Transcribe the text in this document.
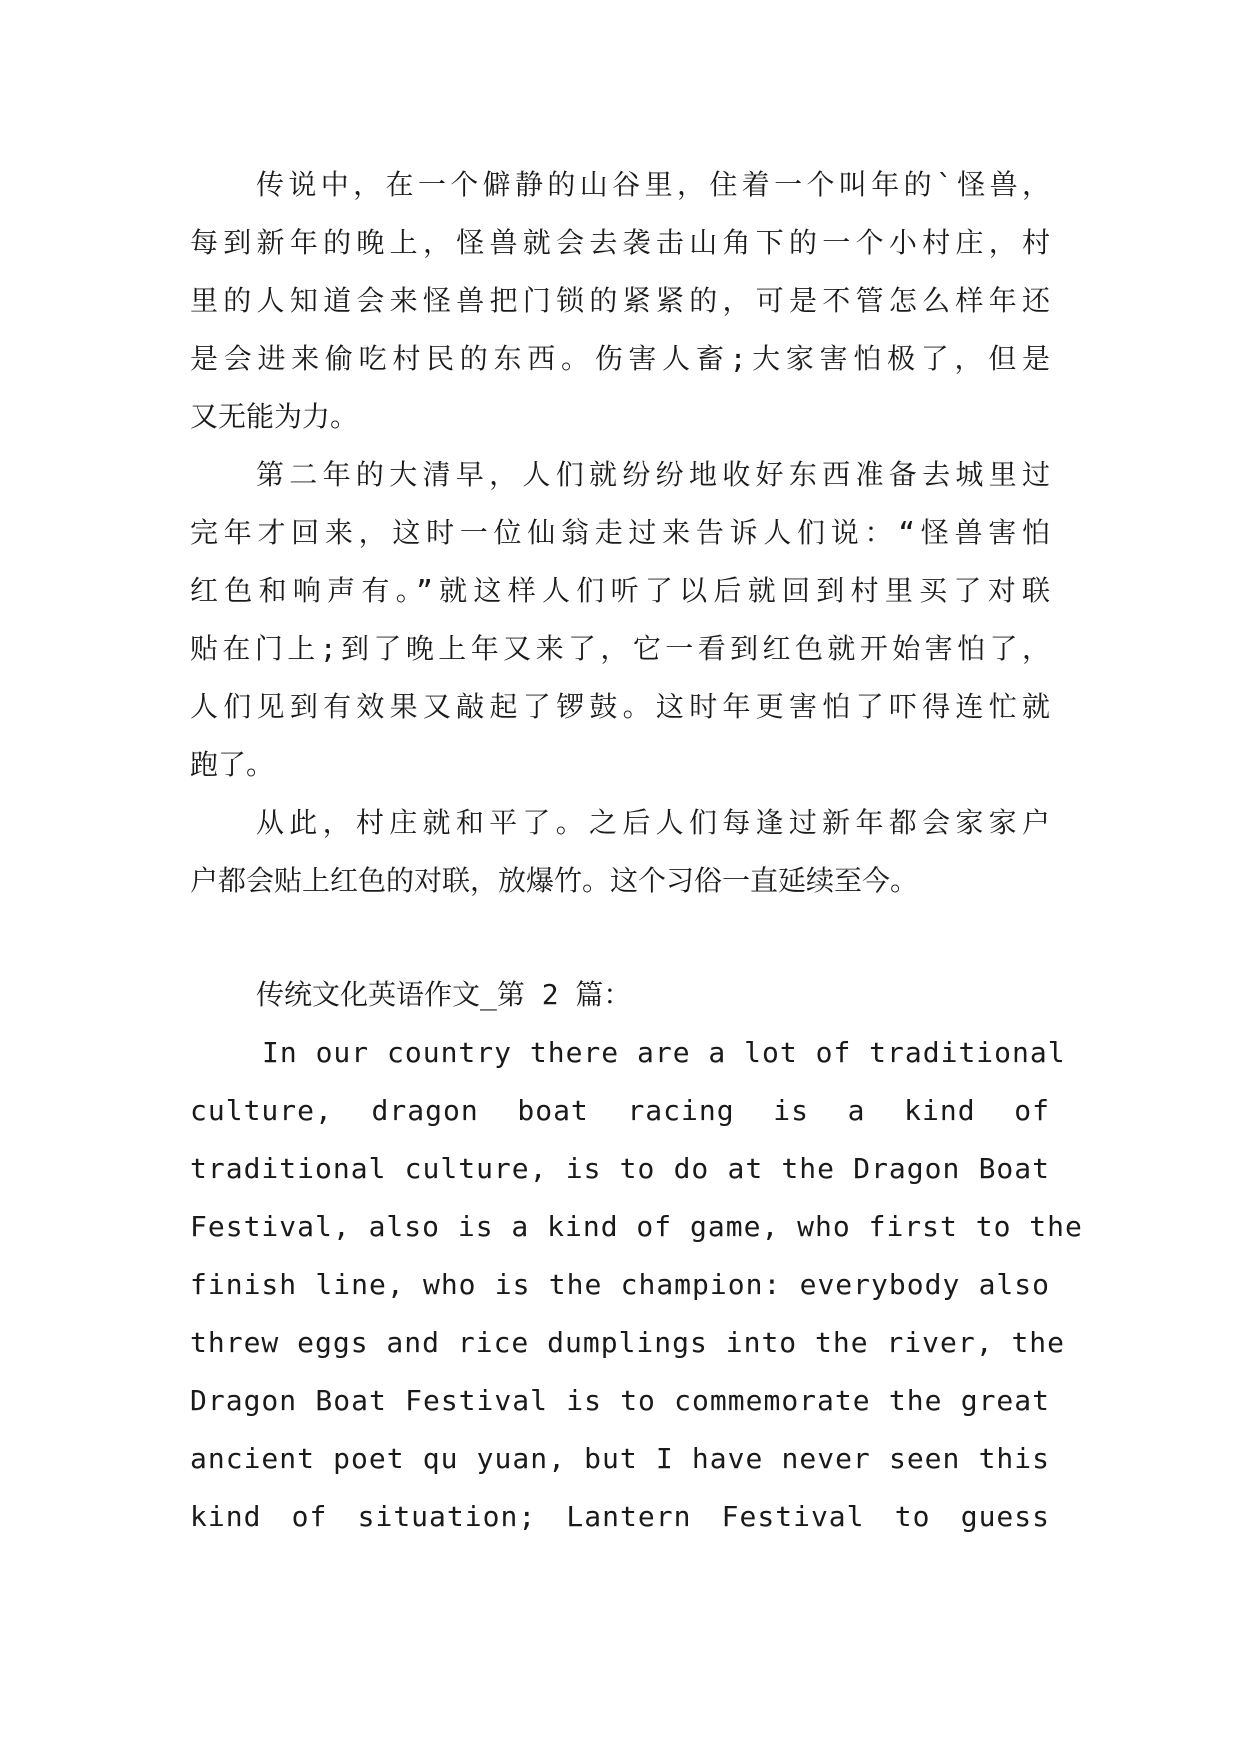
传说中，在一个僻静的山谷里，住着一个叫年的`怪兽，

每到新年的晚上，怪兽就会去袭击山角下的一个小村庄，村

里的人知道会来怪兽把门锁的紧紧的，可是不管怎么样年还

是会进来偷吃村民的东西。伤害人畜;大家害怕极了，但是

又无能为力。

第二年的大清早，人们就纷纷地收好东西准备去城里过

完年才回来，这时一位仙翁走过来告诉人们说：“怪兽害怕

红色和响声有。”就这样人们听了以后就回到村里买了对联

贴在门上;到了晚上年又来了，它一看到红色就开始害怕了，

人们见到有效果又敲起了锣鼓。这时年更害怕了吓得连忙就

跑了。

从此，村庄就和平了。之后人们每逢过新年都会家家户

户都会贴上红色的对联，放爆竹。这个习俗一直延续至今。

传统文化英语作文_第 2 篇：

In our country there are a lot of traditional

culture, dragon boat racing is a kind of

traditional culture, is to do at the Dragon Boat

Festival, also is a kind of game, who first to the

finish line, who is the champion: everybody also

threw eggs and rice dumplings into the river, the

Dragon Boat Festival is to commemorate the great

ancient poet qu yuan, but I have never seen this

kind of situation; Lantern Festival to guess
